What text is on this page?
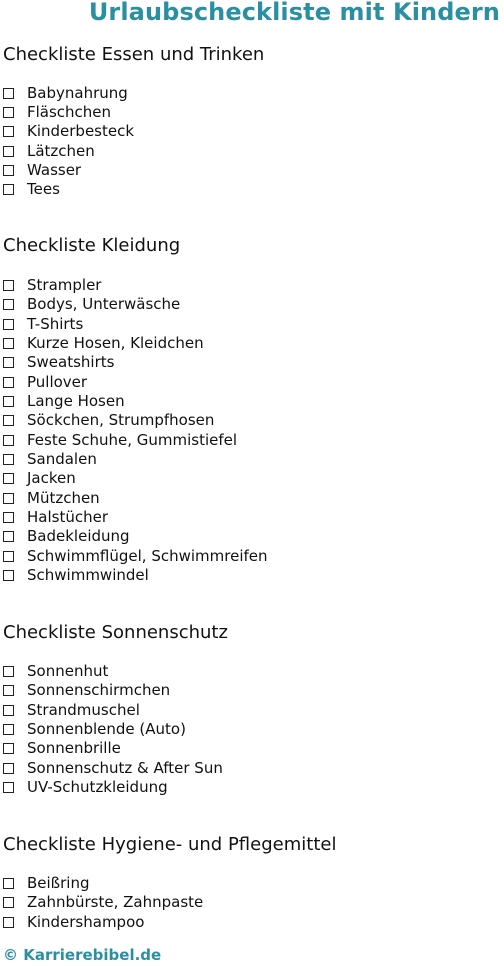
Urlaubscheckliste mit Kindern
Checkliste Essen und Trinken
Babynahrung
Fläschchen
Kinderbesteck
Lätzchen
Wasser
Tees
Checkliste Kleidung
Strampler
Bodys, Unterwäsche
T-Shirts
Kurze Hosen, Kleidchen
Sweatshirts
Pullover
Lange Hosen
Söckchen, Strumpfhosen
Feste Schuhe, Gummistiefel
Sandalen
Jacken
Mützchen
Halstücher
Badekleidung
Schwimmflügel, Schwimmreifen
Schwimmwindel
Checkliste Sonnenschutz
Sonnenhut
Sonnenschirmchen
Strandmuschel
Sonnenblende (Auto)
Sonnenbrille
Sonnenschutz & After Sun
UV-Schutzkleidung
Checkliste Hygiene- und Pflegemittel
Beißring
Zahnbürste, Zahnpaste
Kindershampoo
© Karrierebibel.de
